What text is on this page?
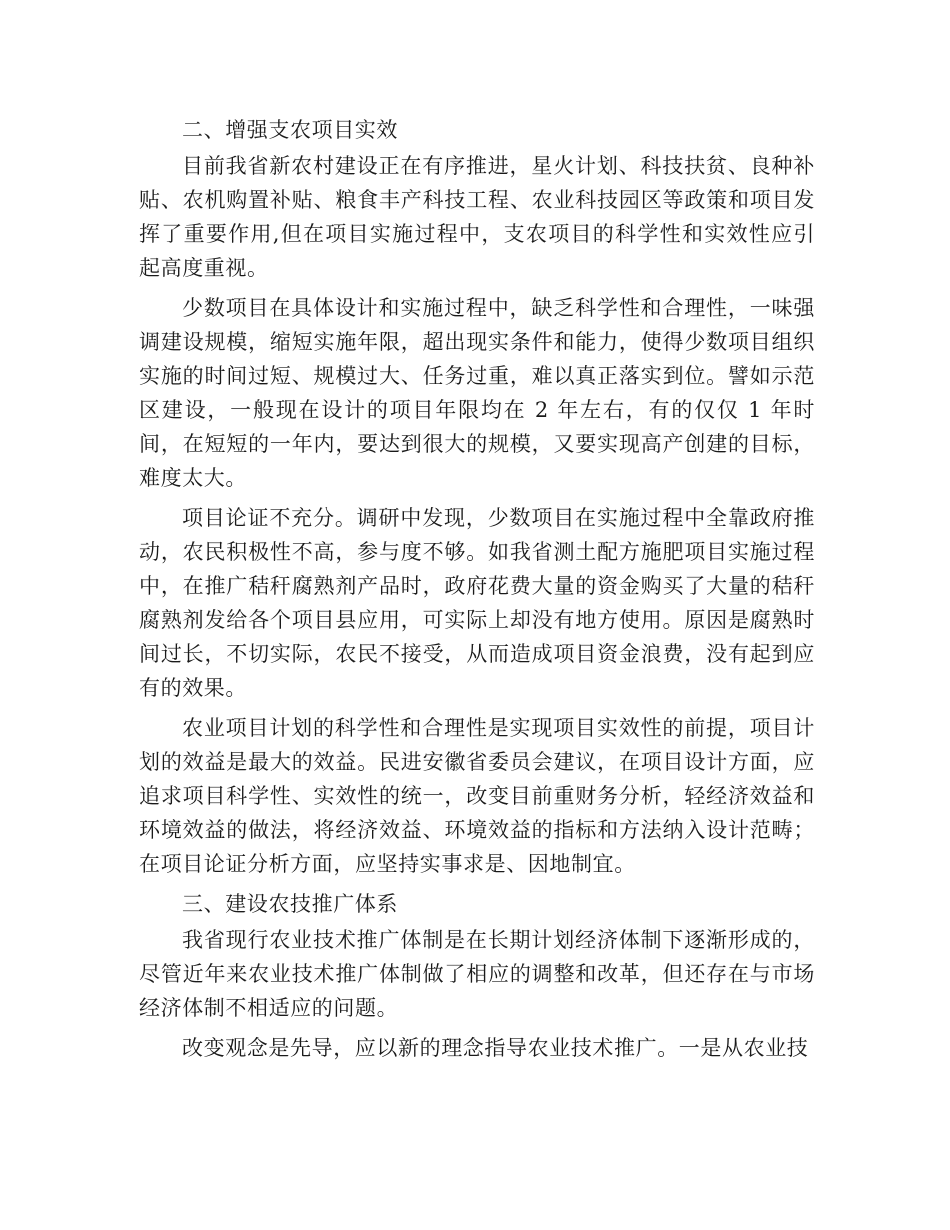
二、增强支农项目实效

目前我省新农村建设正在有序推进，星火计划、科技扶贫、良种补贴、农机购置补贴、粮食丰产科技工程、农业科技园区等政策和项目发挥了重要作用,但在项目实施过程中，支农项目的科学性和实效性应引起高度重视。

少数项目在具体设计和实施过程中，缺乏科学性和合理性，一味强调建设规模，缩短实施年限，超出现实条件和能力，使得少数项目组织实施的时间过短、规模过大、任务过重，难以真正落实到位。譬如示范区建设，一般现在设计的项目年限均在 2 年左右，有的仅仅 1 年时间，在短短的一年内，要达到很大的规模，又要实现高产创建的目标，难度太大。

项目论证不充分。调研中发现，少数项目在实施过程中全靠政府推动，农民积极性不高，参与度不够。如我省测土配方施肥项目实施过程中，在推广秸秆腐熟剂产品时，政府花费大量的资金购买了大量的秸秆腐熟剂发给各个项目县应用，可实际上却没有地方使用。原因是腐熟时间过长，不切实际，农民不接受，从而造成项目资金浪费，没有起到应有的效果。

农业项目计划的科学性和合理性是实现项目实效性的前提，项目计划的效益是最大的效益。民进安徽省委员会建议，在项目设计方面，应追求项目科学性、实效性的统一，改变目前重财务分析，轻经济效益和环境效益的做法，将经济效益、环境效益的指标和方法纳入设计范畴；在项目论证分析方面，应坚持实事求是、因地制宜。

三、建设农技推广体系

我省现行农业技术推广体制是在长期计划经济体制下逐渐形成的，尽管近年来农业技术推广体制做了相应的调整和改革，但还存在与市场经济体制不相适应的问题。

改变观念是先导，应以新的理念指导农业技术推广。一是从农业技
